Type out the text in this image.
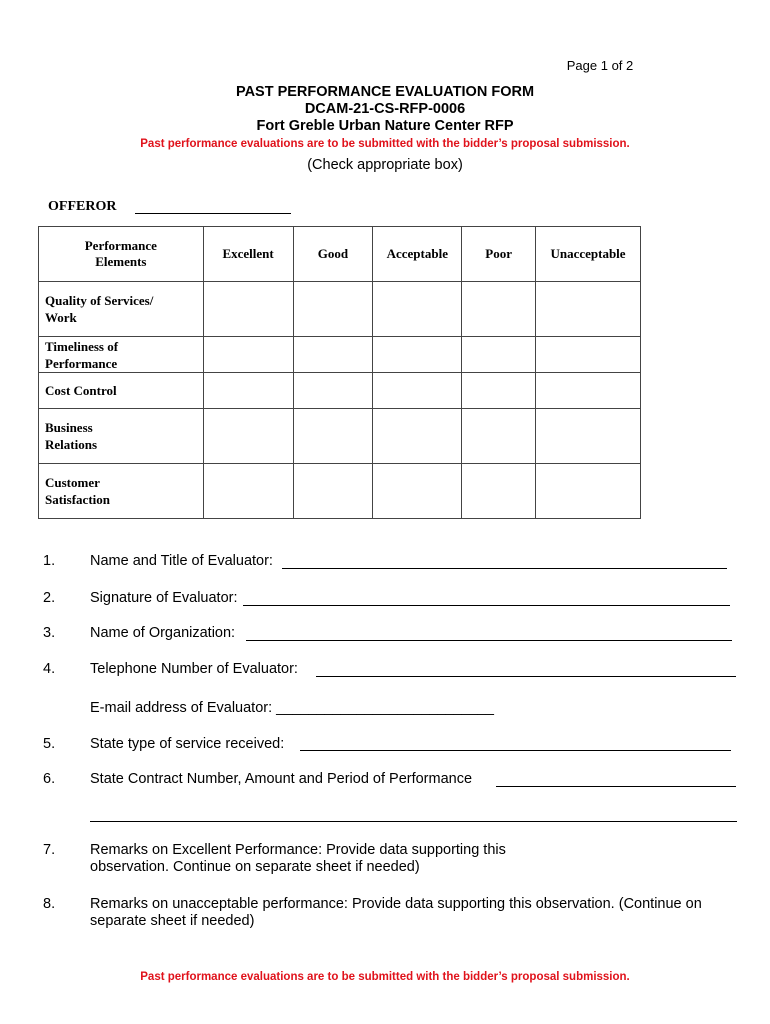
Page 1 of 2
PAST PERFORMANCE EVALUATION FORM
DCAM-21-CS-RFP-0006
Fort Greble Urban Nature Center RFP
Past performance evaluations are to be submitted with the bidder’s proposal submission.
(Check appropriate box)
OFFEROR
Performance
Elements	Excellent	Good	Acceptable	Poor	Unacceptable

Quality of Services/
Work					

Timeliness of
Performance					

Cost Control					

Business
Relations					

Customer
Satisfaction					

1. Name and Title of Evaluator:
2. Signature of Evaluator:
3. Name of Organization:
4. Telephone Number of Evaluator:
E-mail address of Evaluator: ___________________________
5. State type of service received:
6. State Contract Number, Amount and Period of Performance
7. Remarks on Excellent Performance: Provide data supporting this
observation. Continue on separate sheet if needed)
8. Remarks on unacceptable performance: Provide data supporting this observation. (Continue on
separate sheet if needed)
Past performance evaluations are to be submitted with the bidder’s proposal submission.
